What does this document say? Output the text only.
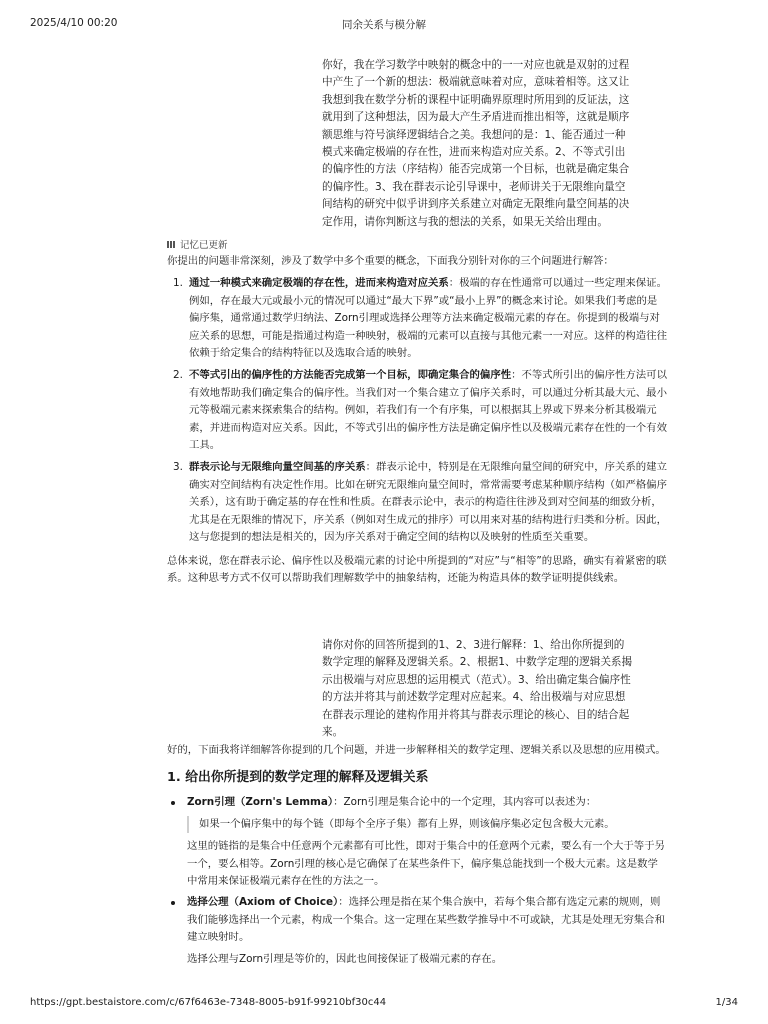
2025/4/10 00:20	同余关系与模分解
你好，我在学习数学中映射的概念中的一一对应也就是双射的过程中产生了一个新的想法：极端就意味着对应，意味着相等。这又让我想到我在数学分析的课程中证明确界原理时所用到的反证法，这就用到了这种想法，因为最大产生矛盾进而推出相等，这就是顺序额思维与符号演绎逻辑结合之美。我想问的是：1、能否通过一种模式来确定极端的存在性，进而来构造对应关系。2、不等式引出的偏序性的方法（序结构）能否完成第一个目标，也就是确定集合的偏序性。3、我在群表示论引导课中，老师讲关于无限维向量空间结构的研究中似乎讲到序关系建立对确定无限维向量空间基的决定作用，请你判断这与我的想法的关系，如果无关给出理由。
记忆已更新

你提出的问题非常深刻，涉及了数学中多个重要的概念，下面我分别针对你的三个问题进行解答：

1. 通过一种模式来确定极端的存在性，进而来构造对应关系：极端的存在性通常可以通过一些定理来保证。例如，存在最大元或最小元的情况可以通过“最大下界”或“最小上界”的概念来讨论。如果我们考虑的是偏序集，通常通过数学归纳法、Zorn引理或选择公理等方法来确定极端元素的存在。你提到的极端与对应关系的思想，可能是指通过构造一种映射，极端的元素可以直接与其他元素一一对应。这样的构造往往依赖于给定集合的结构特征以及选取合适的映射。
2. 不等式引出的偏序性的方法能否完成第一个目标，即确定集合的偏序性：不等式所引出的偏序性方法可以有效地帮助我们确定集合的偏序性。当我们对一个集合建立了偏序关系时，可以通过分析其最大元、最小元等极端元素来探索集合的结构。例如，若我们有一个有序集，可以根据其上界或下界来分析其极端元素，并进而构造对应关系。因此，不等式引出的偏序性方法是确定偏序性以及极端元素存在性的一个有效工具。
3. 群表示论与无限维向量空间基的序关系：群表示论中，特别是在无限维向量空间的研究中，序关系的建立确实对空间结构有决定性作用。比如在研究无限维向量空间时，常常需要考虑某种顺序结构（如严格偏序关系），这有助于确定基的存在性和性质。在群表示论中，表示的构造往往涉及到对空间基的细致分析，尤其是在无限维的情况下，序关系（例如对生成元的排序）可以用来对基的结构进行归类和分析。因此，这与您提到的想法是相关的，因为序关系对于确定空间的结构以及映射的性质至关重要。

总体来说，您在群表示论、偏序性以及极端元素的讨论中所提到的“对应”与“相等”的思路，确实有着紧密的联系。这种思考方式不仅可以帮助我们理解数学中的抽象结构，还能为构造具体的数学证明提供线索。

请你对你的回答所提到的1、2、3进行解释：1、给出你所提到的数学定理的解释及逻辑关系。2、根据1、中数学定理的逻辑关系揭示出极端与对应思想的运用模式（范式）。3、给出确定集合偏序性的方法并将其与前述数学定理对应起来。4、给出极端与对应思想在群表示理论的建构作用并将其与群表示理论的核心、目的结合起来。

好的，下面我将详细解答你提到的几个问题，并进一步解释相关的数学定理、逻辑关系以及思想的应用模式。

1. 给出你所提到的数学定理的解释及逻辑关系
Zorn引理（Zorn's Lemma）：Zorn引理是集合论中的一个定理，其内容可以表述为：
如果一个偏序集中的每个链（即每个全序子集）都有上界，则该偏序集必定包含极大元素。
这里的链指的是集合中任意两个元素都有可比性，即对于集合中的任意两个元素，要么有一个大于等于另一个，要么相等。Zorn引理的核心是它确保了在某些条件下，偏序集总能找到一个极大元素。这是数学中常用来保证极端元素存在性的方法之一。
选择公理（Axiom of Choice）：选择公理是指在某个集合族中，若每个集合都有选定元素的规则，则我们能够选择出一个元素，构成一个集合。这一定理在某些数学推导中不可或缺，尤其是处理无穷集合和建立映射时。
选择公理与Zorn引理是等价的，因此也间接保证了极端元素的存在。
https://gpt.bestaistore.com/c/67f6463e-7348-8005-b91f-99210bf30c44	1/34
